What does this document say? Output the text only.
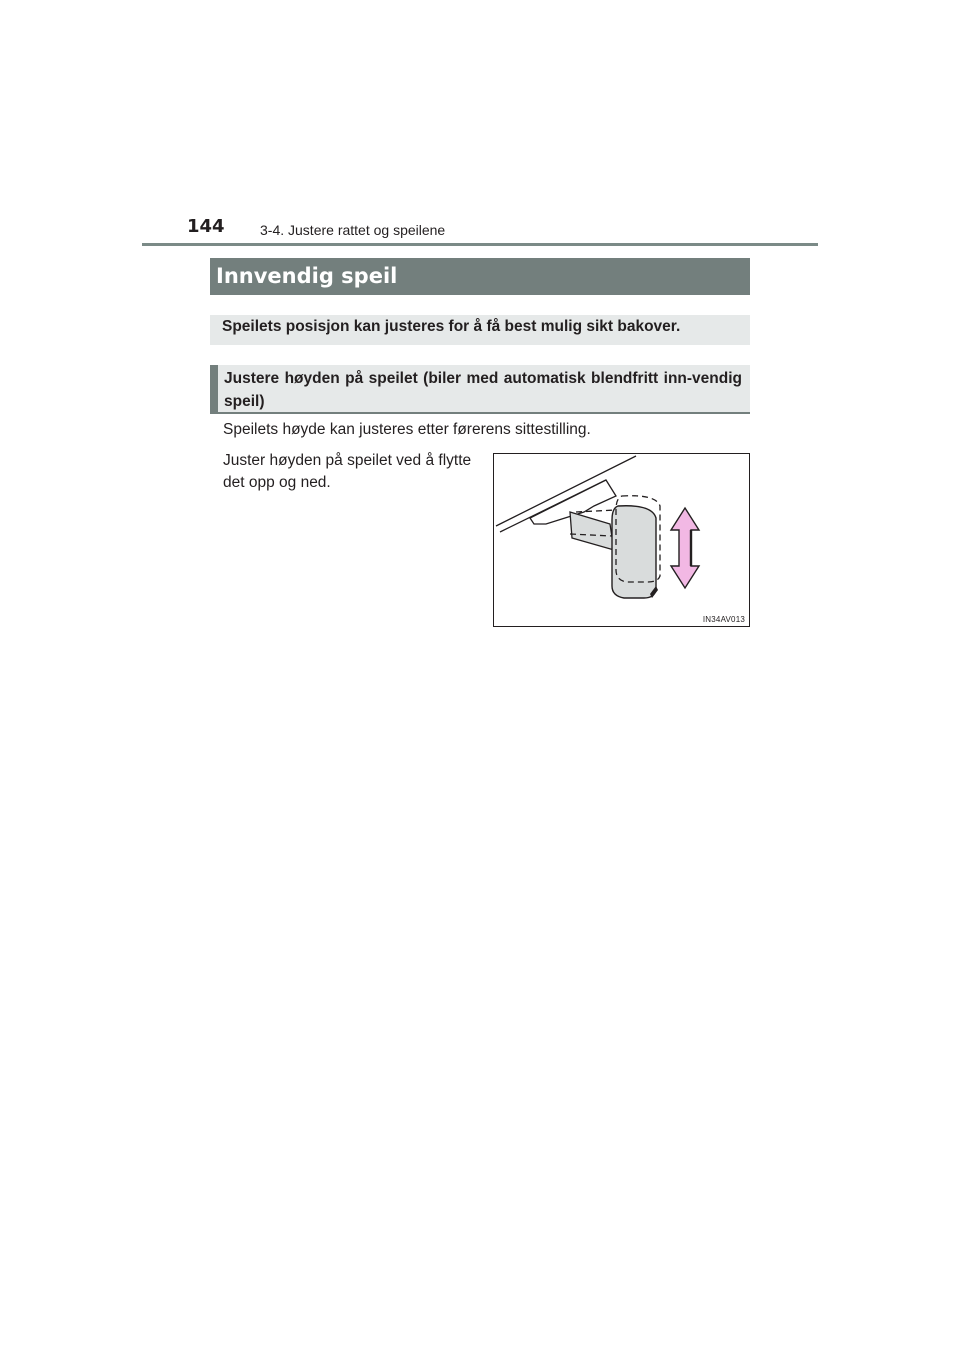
144	3-4. Justere rattet og speilene
Innvendig speil
Speilets posisjon kan justeres for å få best mulig sikt bakover.
Justere høyden på speilet (biler med automatisk blendfritt inn-vendig speil)
Speilets høyde kan justeres etter førerens sittestilling.
Juster høyden på speilet ved å flytte det opp og ned.
IN34AV013
